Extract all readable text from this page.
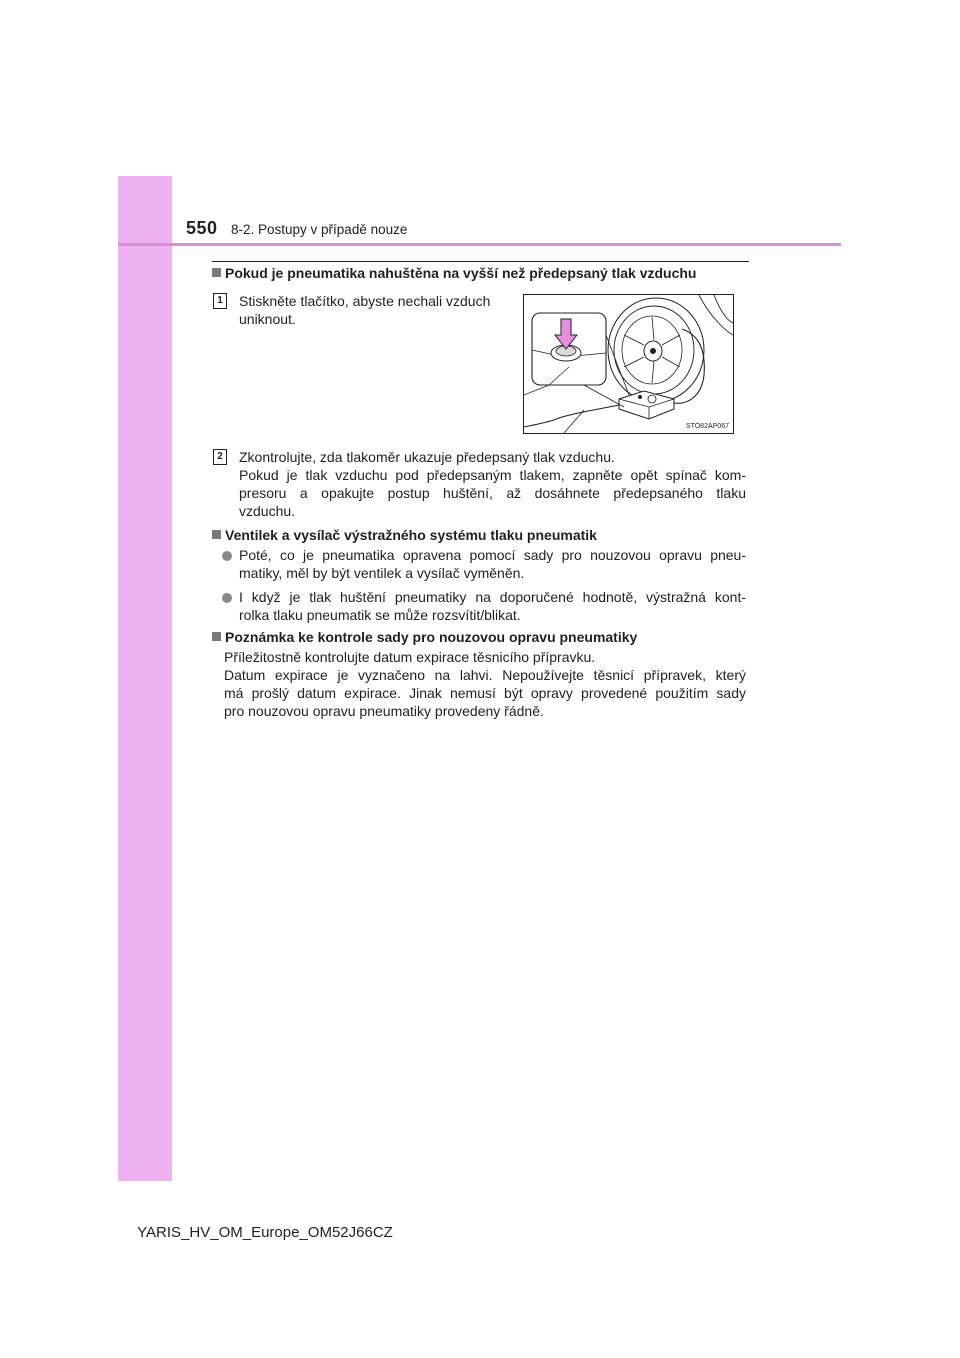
550 8-2. Postupy v případě nouze
Pokud je pneumatika nahuštěna na vyšší než předepsaný tlak vzduchu
1	Stiskněte tlačítko, abyste nechali vzduch
uniknout.
STO82AP067
2	Zkontrolujte, zda tlakoměr ukazuje předepsaný tlak vzduchu.
Pokud je tlak vzduchu pod předepsaným tlakem, zapněte opět spínač kom-
presoru a opakujte postup huštění, až dosáhnete předepsaného tlaku
vzduchu.
Ventilek a vysílač výstražného systému tlaku pneumatik
Poté, co je pneumatika opravena pomocí sady pro nouzovou opravu pneu-
matiky, měl by být ventilek a vysílač vyměněn.
I když je tlak huštění pneumatiky na doporučené hodnotě, výstražná kont-
rolka tlaku pneumatik se může rozsvítit/blikat.
Poznámka ke kontrole sady pro nouzovou opravu pneumatiky
Příležitostně kontrolujte datum expirace těsnicího přípravku.
Datum expirace je vyznačeno na lahvi. Nepoužívejte těsnicí přípravek, který
má prošlý datum expirace. Jinak nemusí být opravy provedené použitím sady
pro nouzovou opravu pneumatiky provedeny řádně.
YARIS_HV_OM_Europe_OM52J66CZ
